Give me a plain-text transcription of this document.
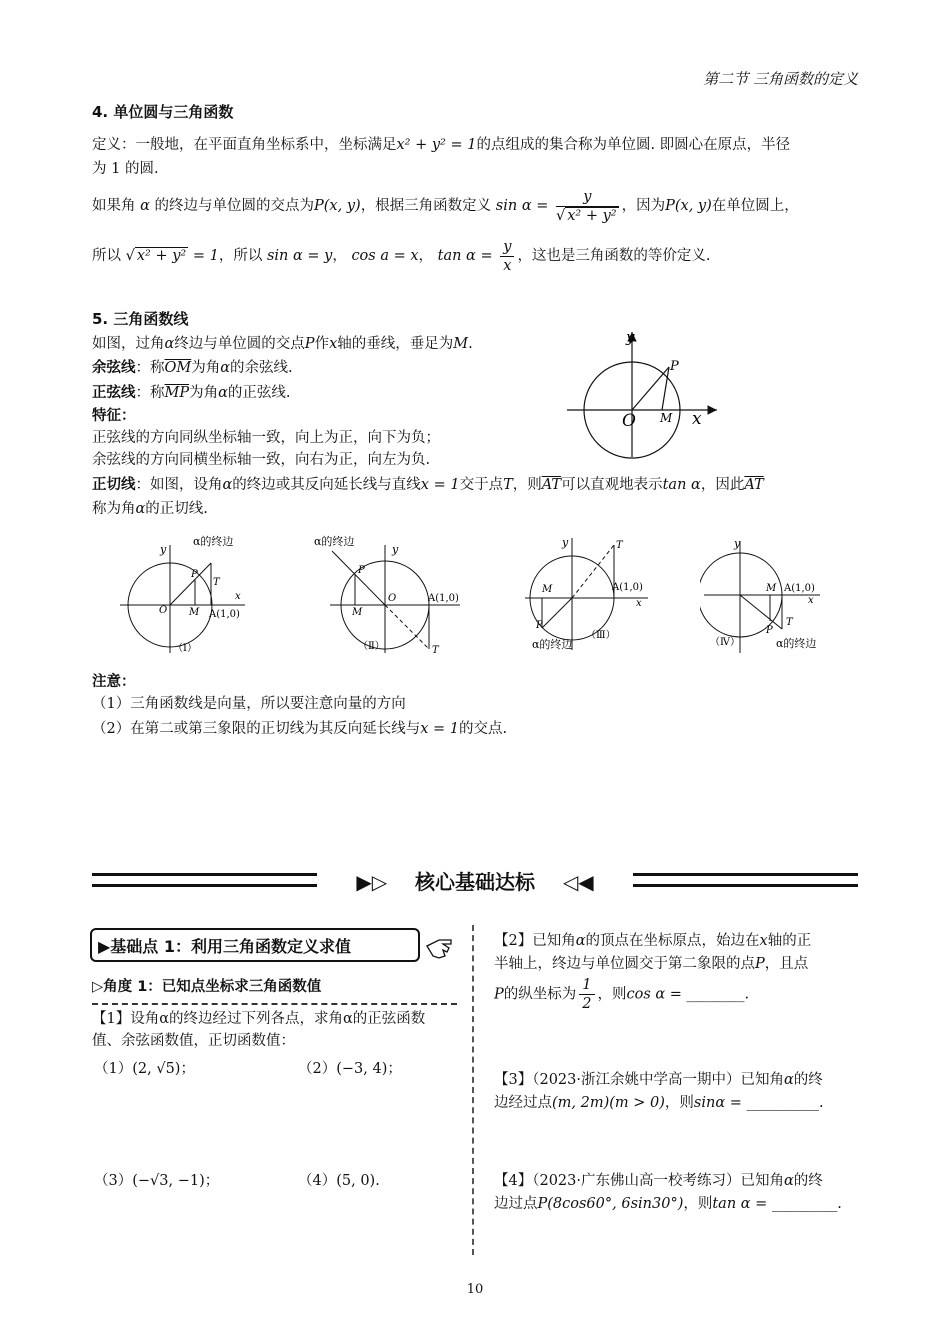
第二节 三角函数的定义
4. 单位圆与三角函数
定义：一般地，在平面直角坐标系中，坐标满足x² + y² = 1的点组成的集合称为单位圆. 即圆心在原点，半径
为 1 的圆.
如果角 α 的终边与单位圆的交点为P(x, y)，根据三角函数定义 $\sin \alpha = \frac{y}{\text{√ x² + y²}}$ ，因为P(x, y)在单位圆上，
所以 √ x² + y² = 1，所以 sin α = y， cos a = x， $\tan \alpha = \frac{y}{x}$ ，这也是三角函数的等价定义.
5. 三角函数线
如图，过角α终边与单位圆的交点P作x轴的垂线，垂足为M.
余弦线：称$\overline{OM}$为角α的余弦线.
正弦线：称$\overline{MP}$为角α的正弦线.
特征：
正弦线的方向同纵坐标轴一致，向上为正，向下为负；
余弦线的方向同横坐标轴一致，向右为正，向左为负.
正切线：如图，设角α的终边或其反向延长线与直线x = 1交于点T，则$\overline{AT}$可以直观地表示tan α，因此$\overline{AT}$
称为角α的正切线.
y
P
O M x
y
α的终边
T
P
O M
x
A(1,0)
（Ⅰ）
y
α的终边
P
M
O	A(1,0)
T
（Ⅱ）
y	T
M	A(1,0)
x
P
（Ⅲ）
α的终边
y
M A(1,0)
x
T
P
（Ⅳ）	α的终边
注意：
（1）三角函数线是向量，所以要注意向量的方向
（2）在第二或第三象限的正切线为其反向延长线与x = 1的交点.
▶▷ 核心基础达标 ◁◀
▶基础点 1：利用三角函数定义求值
▷角度 1：已知点坐标求三角函数值
【1】设角α的终边经过下列各点，求角α的正弦函数
值、余弦函数值，正切函数值：
（1）(2, √5)；	（2）(−3, 4)；
（3）(−√3, −1)；	（4）(5, 0).
【2】已知角α的顶点在坐标原点，始边在x轴的正
半轴上，终边与单位圆交于第二象限的点P，且点
P的纵坐标为 $\frac{1}{2}$ ，则cos α = ________.
【3】（2023·浙江余姚中学高一期中）已知角α的终
边经过点(m, 2m)(m > 0)，则sinα = __________.
【4】（2023·广东佛山高一校考练习）已知角α的终
边过点P(8cos60°, 6sin30°)，则tan α = _________.
10
